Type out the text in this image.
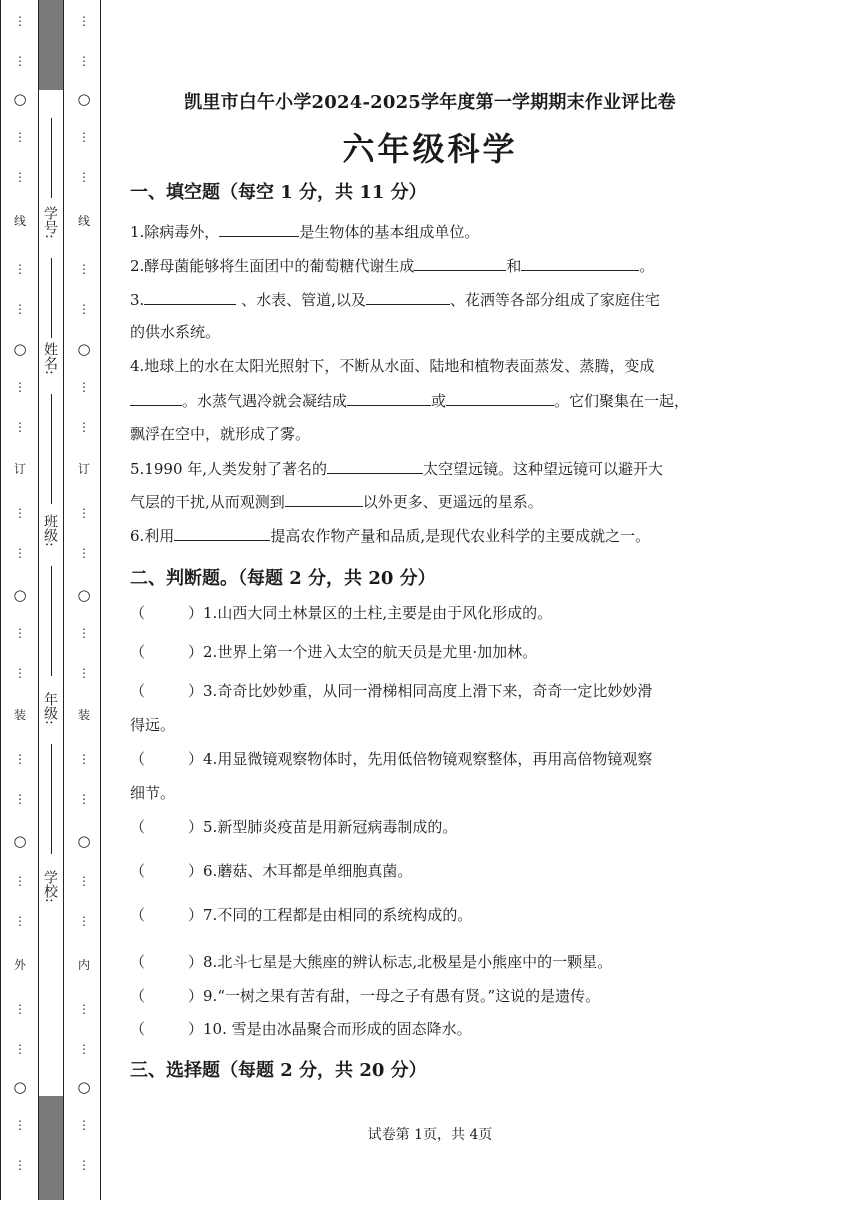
⋮
⋮
○
⋮
⋮
线
⋮
⋮
○
⋮
⋮
订
⋮
⋮
○
⋮
⋮
装
⋮
⋮
○
⋮
⋮
外
⋮
⋮
○
⋮
⋮
学号:
姓名:
班级:
年级:
学校:
⋮
⋮
○
⋮
⋮
线
⋮
⋮
○
⋮
⋮
订
⋮
⋮
○
⋮
⋮
装
⋮
⋮
○
⋮
⋮
内
⋮
⋮
○
⋮
⋮
凯里市白午小学2024-2025学年度第一学期期末作业评比卷
六年级科学
一、填空题（每空 1 分，共 11 分）
1.除病毒外，	是生物体的基本组成单位。
2.酵母菌能够将生面团中的葡萄糖代谢生成	和	。
3.	、水表、管道,以及	、花洒等各部分组成了家庭住宅
的供水系统。
4.地球上的水在太阳光照射下，不断从水面、陆地和植物表面蒸发、蒸腾，变成
。水蒸气遇冷就会凝结成	或	。它们聚集在一起，
飘浮在空中，就形成了雾。
5.1990 年,人类发射了著名的	太空望远镜。这种望远镜可以避开大
气层的干扰,从而观测到	以外更多、更遥远的星系。
6.利用	提高农作物产量和品质,是现代农业科学的主要成就之一。
二、判断题。（每题 2 分，共 20 分）
（	）1.山西大同土林景区的土柱,主要是由于风化形成的。
（	）2.世界上第一个进入太空的航天员是尤里·加加林。
（	）3.奇奇比妙妙重，从同一滑梯相同高度上滑下来，奇奇一定比妙妙滑
得远。
（	）4.用显微镜观察物体时，先用低倍物镜观察整体，再用高倍物镜观察
细节。
（	）5.新型肺炎疫苗是用新冠病毒制成的。
（	）6.蘑菇、木耳都是单细胞真菌。
（	）7.不同的工程都是由相同的系统构成的。
（	）8.北斗七星是大熊座的辨认标志,北极星是小熊座中的一颗星。
（	）9.“一树之果有苦有甜，一母之子有愚有贤。”这说的是遗传。
（	）10. 雪是由冰晶聚合而形成的固态降水。
三、选择题（每题 2 分，共 20 分）
试卷第 1页，共 4页
